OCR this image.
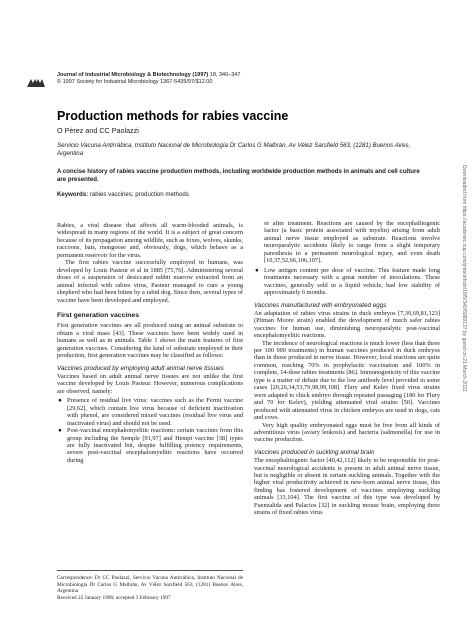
Journal of Industrial Microbiology & Biotechnology (1997) 18, 340–347
© 1997 Society for Industrial Microbiology 1367-5435/97/$12.00
Production methods for rabies vaccine
O Pérez and CC Paolazzi
Servicio Vacuna Antirrábica, Instituto Nacional de Microbiología Dr Carlos G Malbrán, Av Vélez Sarsfield 563, (1281) Buenos Aires, Argentina
A concise history of rabies vaccine production methods, including worldwide production methods in animals and cell culture are presented.
Keywords: rabies vaccines; production methods

Rabies, a viral disease that affects all warm-blooded animals, is widespread in many regions of the world. It is a subject of great concern because of its propagation among wildlife, such as foxes, wolves, skunks, raccoons, bats, mongoose and, obviously, dogs, which behave as a permanent reservoir for the virus.

The first rabies vaccine successfully employed in humans, was developed by Louis Pasteur et al in 1885 [75,76]. Administering several doses of a suspension of desiccated rabbit marrow extracted from an animal infected with rabies virus, Pasteur managed to cure a young shepherd who had been bitten by a rabid dog. Since then, several types of vaccine have been developed and employed.

First generation vaccines

First generation vaccines are all produced using an animal substrate to obtain a viral mass [43]. These vaccines have been widely used in humans as well as in animals. Table 1 shows the main features of first generation vaccines. Considering the kind of substrate employed in their production, first generation vaccines may be classified as follows:

Vaccines produced by employing adult animal nerve tissues

Vaccines based on adult animal nerve tissues are not unlike the first vaccine developed by Louis Pasteur. However, numerous complications are observed, namely:

● Presence of residual live virus: vaccines such as the Fermi vaccine [29,62], which contain live virus because of deficient inactivation with phenol, are considered mixed vaccines (residual live virus and inactivated virus) and should not be used.
● Post-vaccinal encephalomyelitic reactions: certain vaccines from this group including the Semple [91,97] and Hempt vaccine [38] types are fully inactivated but, despite fulfilling potency requirements, severe post-vaccinal encephalomyelitic reactions have occurred during

or after treatment. Reactions are caused by the encephalitogenic factor (a basic protein associated with myelin) arising from adult animal nerve tissue employed as substrate. Reactions involve neuroparalytic accidents likely to range from a slight temporary paresthesia to a permanent neurological injury, and even death [10,37,52,66,106,107].

● Low antigen content per dose of vaccine. This feature made long treatments necessary with a great number of inoculations. These vaccines, generally sold in a liquid vehicle, had low stability of approximately 6 months.
Vaccines manufactured with embryonated eggs

An adaptation of rabies virus strains in duck embryos [7,39,69,81,123] (Pitman Moore strain) enabled the development of much safer rabies vaccines for human use, diminishing neuroparalytic post-vaccinal encephalomyelitic reactions.

The incidence of neurological reactions is much lower (less than three per 100 000 treatments) in human vaccines produced in duck embryos than in those produced in nerve tissue. However, local reactions are quite common, reaching 70% in prophylactic vaccination and 100% in complete, 14-dose rabies treatments [86]. Immunogenicity of this vaccine type is a matter of debate due to the low antibody level provided in some cases [20,26,34,53,79,98,99,108]. Flury and Kelev fixed virus strains were adapted to chick embryo through repeated passaging (180 for Flury and 70 for Kelev), yielding attenuated viral strains [50]. Vaccines produced with attenuated virus in chicken embryos are used in dogs, cats and cows.

Very high quality embryonated eggs must be free from all kinds of adventitious virus (aviary leukosis) and bacteria (salmonella) for use in vaccine production.

Vaccines produced in suckling animal brain

The encephalitogenic factor [40,42,112] likely to be responsible for post-vaccinal neurological accidents is present in adult animal nerve tissue, but is negligible or absent in certain suckling animals. Together with the higher viral productivity achieved in new-born animal nerve tissue, this finding has fostered development of vaccines employing suckling animals [33,104]. The first vaccine of this type was developed by Fuenzalida and Palacios [32] in suckling mouse brain, employing three strains of fixed rabies virus

Correspondence: Dr CC Paolazzi, Servicio Vacuna Antirrábica, Instituto Nacional de Microbiología Dr Carlos G Malbrán, Av Vélez Sarsfield 563, (1281) Buenos Aires, Argentina
Received 22 January 1996; accepted 3 February 1997
Downloaded from https://academic.oup.com/jimb/article/18/5/340/5989137 by guest on 21 March 2022
